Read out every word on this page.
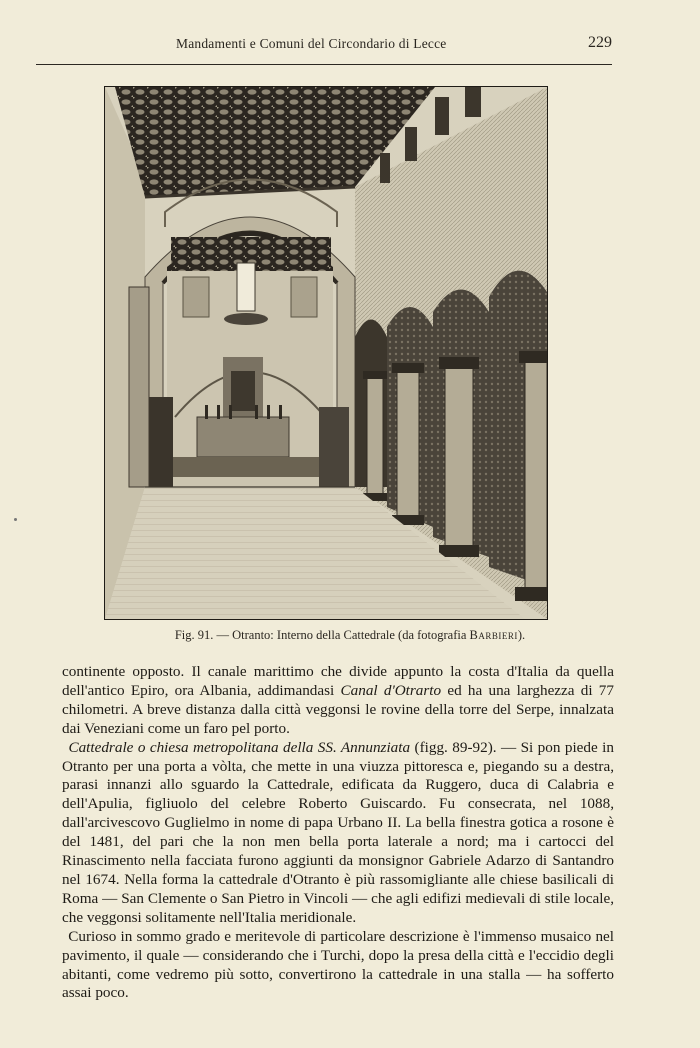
Mandamenti e Comuni del Circondario di Lecce	229
Fig. 91. — Otranto: Interno della Cattedrale (da fotografia Barbieri).

continente opposto. Il canale marittimo che divide appunto la costa d'Italia da quella dell'antico Epiro, ora Albania, addimandasi Canal d'Otrarto ed ha una larghezza di 77 chilometri. A breve distanza dalla città veggonsi le rovine della torre del Serpe, innalzata dai Veneziani come un faro pel porto.

Cattedrale o chiesa metropolitana della SS. Annunziata (figg. 89-92). — Si pon piede in Otranto per una porta a vòlta, che mette in una viuzza pittoresca e, piegando su a destra, parasi innanzi allo sguardo la Cattedrale, edificata da Ruggero, duca di Calabria e dell'Apulia, figliuolo del celebre Roberto Guiscardo. Fu consecrata, nel 1088, dall'arcivescovo Guglielmo in nome di papa Urbano II. La bella finestra gotica a rosone è del 1481, del pari che la non men bella porta laterale a nord; ma i cartocci del Rinascimento nella facciata furono aggiunti da monsignor Gabriele Adarzo di Santandro nel 1674. Nella forma la cattedrale d'Otranto è più rassomigliante alle chiese basilicali di Roma — San Clemente o San Pietro in Vincoli — che agli edifizi medievali di stile locale, che veggonsi solitamente nell'Italia meridionale.

Curioso in sommo grado e meritevole di particolare descrizione è l'immenso musaico nel pavimento, il quale — considerando che i Turchi, dopo la presa della città e l'eccidio degli abitanti, come vedremo più sotto, convertirono la cattedrale in una stalla — ha sofferto assai poco.
